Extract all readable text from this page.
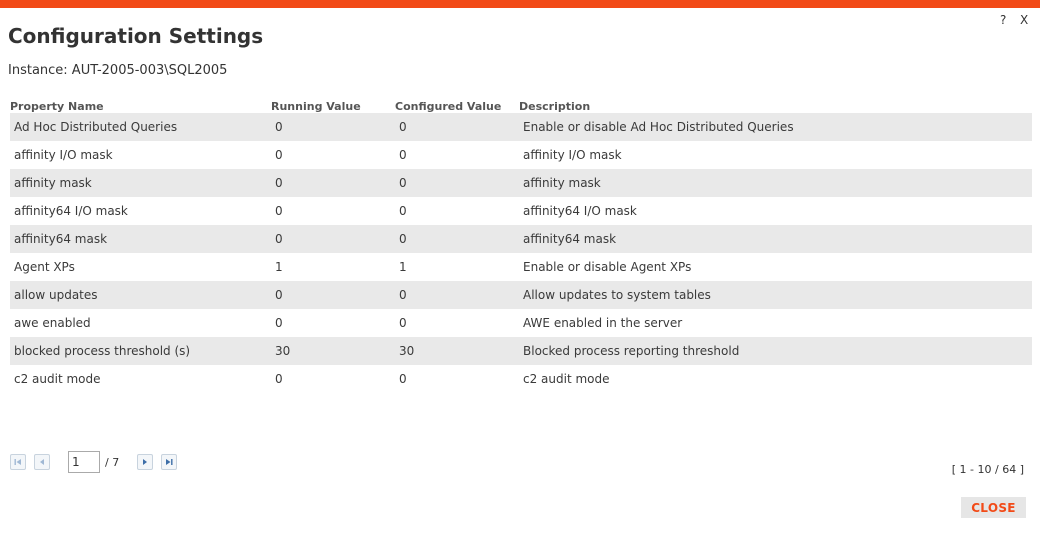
Configuration Settings
? X
Instance: AUT-2005-003\SQL2005
Property Name	Running Value	Configured Value	Description
Ad Hoc Distributed Queries	0	0	Enable or disable Ad Hoc Distributed Queries
affinity I/O mask	0	0	affinity I/O mask
affinity mask	0	0	affinity mask
affinity64 I/O mask	0	0	affinity64 I/O mask
affinity64 mask	0	0	affinity64 mask
Agent XPs	1	1	Enable or disable Agent XPs
allow updates	0	0	Allow updates to system tables
awe enabled	0	0	AWE enabled in the server
blocked process threshold (s)	30	30	Blocked process reporting threshold
c2 audit mode	0	0	c2 audit mode
1
/ 7
[ 1 - 10 / 64 ]
CLOSE
